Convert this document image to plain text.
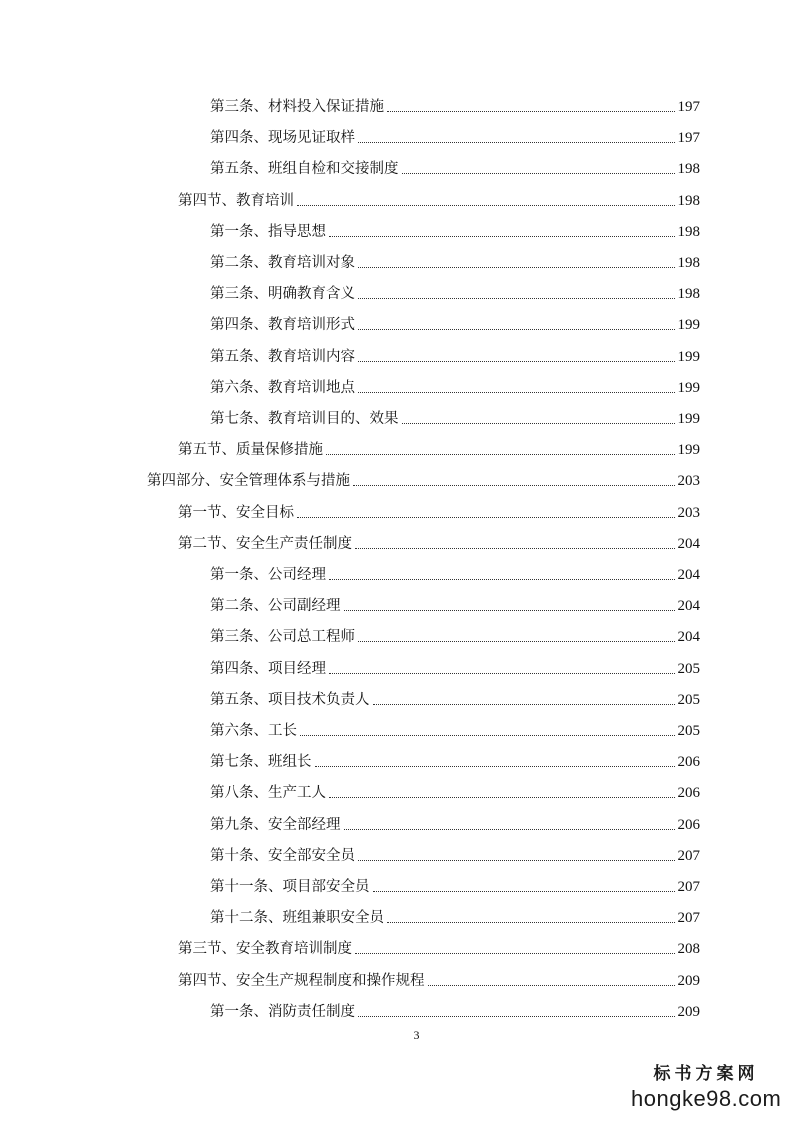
第三条、材料投入保证措施	197
第四条、现场见证取样	197
第五条、班组自检和交接制度	198
第四节、教育培训	198
第一条、指导思想	198
第二条、教育培训对象	198
第三条、明确教育含义	198
第四条、教育培训形式	199
第五条、教育培训内容	199
第六条、教育培训地点	199
第七条、教育培训目的、效果	199
第五节、质量保修措施	199
第四部分、安全管理体系与措施	203
第一节、安全目标	203
第二节、安全生产责任制度	204
第一条、公司经理	204
第二条、公司副经理	204
第三条、公司总工程师	204
第四条、项目经理	205
第五条、项目技术负责人	205
第六条、工长	205
第七条、班组长	206
第八条、生产工人	206
第九条、安全部经理	206
第十条、安全部安全员	207
第十一条、项目部安全员	207
第十二条、班组兼职安全员	207
第三节、安全教育培训制度	208
第四节、安全生产规程制度和操作规程	209
第一条、消防责任制度	209
3
标书方案网
hongke98.com
